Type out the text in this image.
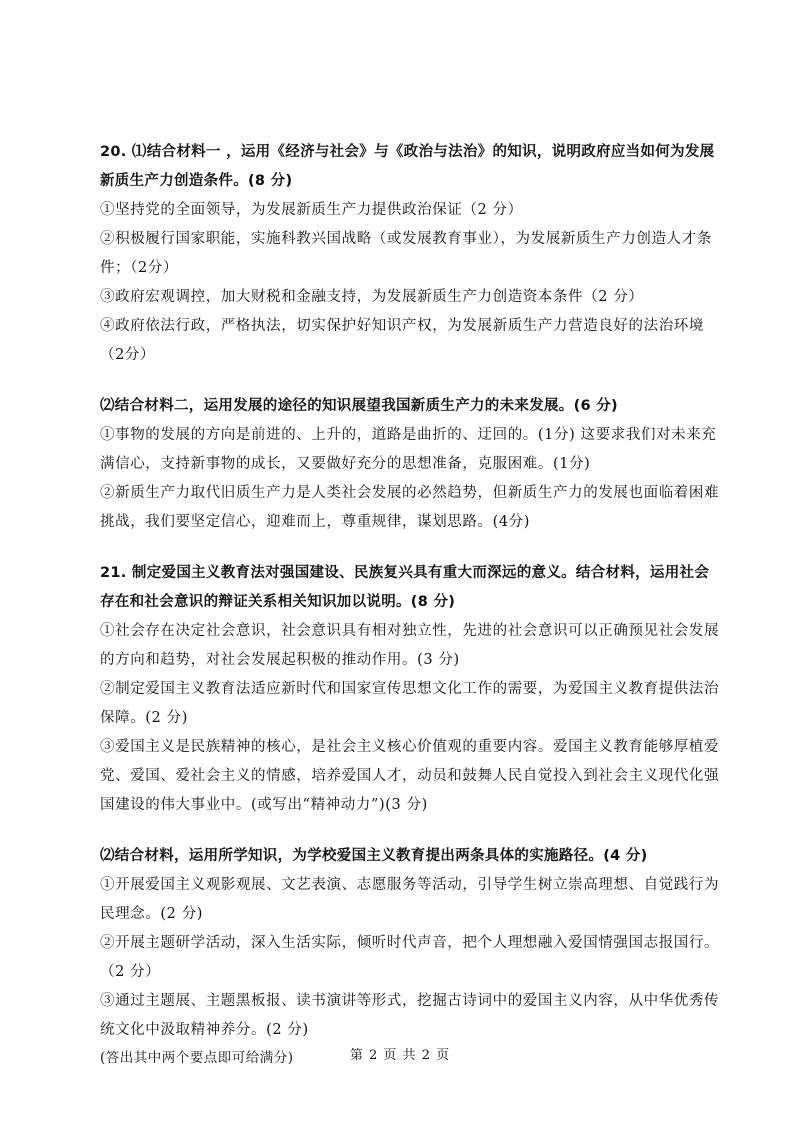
20. ⑴结合材料一 ，运用《经济与社会》与《政治与法治》的知识，说明政府应当如何为发展新质生产力创造条件。(8 分)

①坚持党的全面领导，为发展新质生产力提供政治保证（2 分）

②积极履行国家职能，实施科教兴国战略（或发展教育事业），为发展新质生产力创造人才条件；（2分）

③政府宏观调控，加大财税和金融支持，为发展新质生产力创造资本条件（2 分）

④政府依法行政，严格执法，切实保护好知识产权，为发展新质生产力营造良好的法治环境（2分）

⑵结合材料二，运用发展的途径的知识展望我国新质生产力的未来发展。(6 分)

①事物的发展的方向是前进的、上升的，道路是曲折的、迂回的。(1分) 这要求我们对未来充满信心，支持新事物的成长，又要做好充分的思想准备，克服困难。(1分)

②新质生产力取代旧质生产力是人类社会发展的必然趋势，但新质生产力的发展也面临着困难挑战，我们要坚定信心，迎难而上，尊重规律，谋划思路。(4分)

21. 制定爱国主义教育法对强国建设、民族复兴具有重大而深远的意义。结合材料，运用社会存在和社会意识的辩证关系相关知识加以说明。(8 分)

①社会存在决定社会意识，社会意识具有相对独立性，先进的社会意识可以正确预见社会发展的方向和趋势，对社会发展起积极的推动作用。(3 分)

②制定爱国主义教育法适应新时代和国家宣传思想文化工作的需要，为爱国主义教育提供法治保障。(2 分)

③爱国主义是民族精神的核心，是社会主义核心价值观的重要内容。爱国主义教育能够厚植爱党、爱国、爱社会主义的情感，培养爱国人才，动员和鼓舞人民自觉投入到社会主义现代化强国建设的伟大事业中。(或写出“精神动力”)(3 分)

⑵结合材料，运用所学知识，为学校爱国主义教育提出两条具体的实施路径。(4 分)

①开展爱国主义观影观展、文艺表演、志愿服务等活动，引导学生树立崇高理想、自觉践行为民理念。(2 分)

②开展主题研学活动，深入生活实际，倾听时代声音，把个人理想融入爱国情强国志报国行。（2 分）

③通过主题展、主题黑板报、读书演讲等形式，挖掘古诗词中的爱国主义内容，从中华优秀传统文化中汲取精神养分。(2 分)

(答出其中两个要点即可给满分)	第 2 页 共 2 页
